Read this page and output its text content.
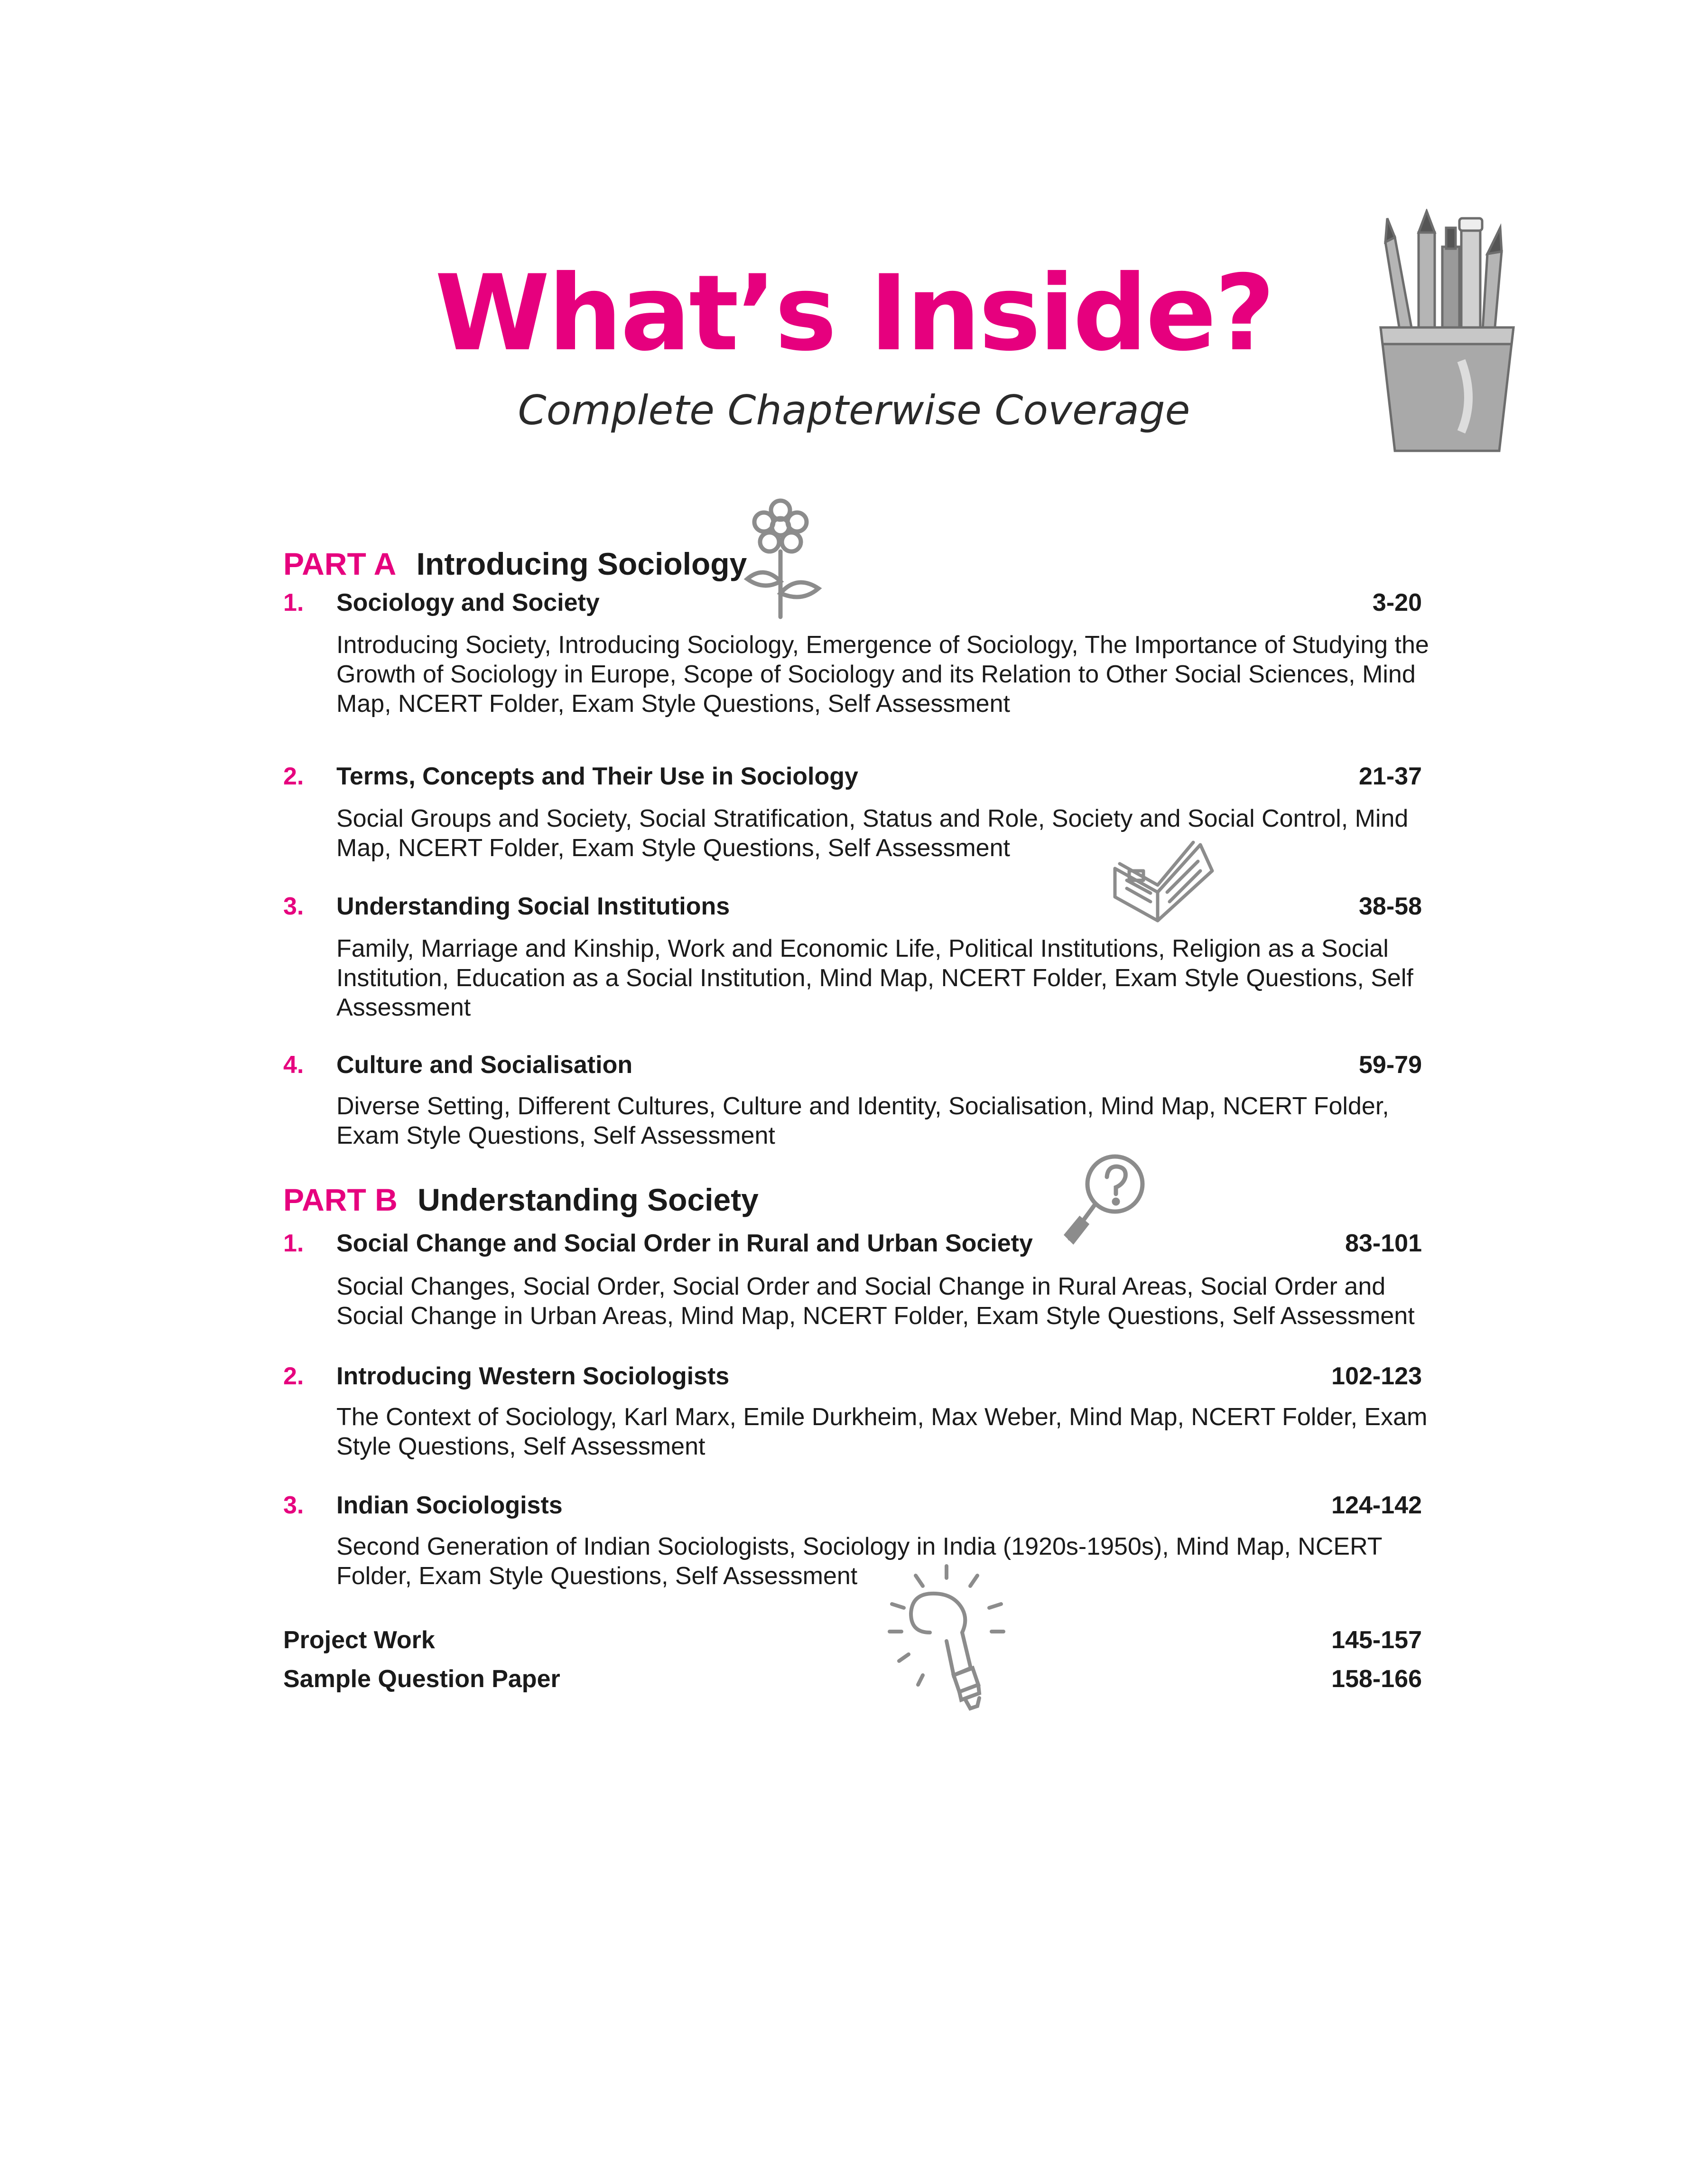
What’s Inside?
Complete Chapterwise Coverage
PART A Introducing Sociology
1. Sociology and Society	3-20
Introducing Society, Introducing Sociology, Emergence of Sociology, The Importance of Studying the Growth of Sociology in Europe, Scope of Sociology and its Relation to Other Social Sciences, Mind Map, NCERT Folder, Exam Style Questions, Self Assessment
2. Terms, Concepts and Their Use in Sociology	21-37
Social Groups and Society, Social Stratification, Status and Role, Society and Social Control, Mind Map, NCERT Folder, Exam Style Questions, Self Assessment
3. Understanding Social Institutions	38-58
Family, Marriage and Kinship, Work and Economic Life, Political Institutions, Religion as a Social Institution, Education as a Social Institution, Mind Map, NCERT Folder, Exam Style Questions, Self Assessment
4. Culture and Socialisation	59-79
Diverse Setting, Different Cultures, Culture and Identity, Socialisation, Mind Map, NCERT Folder, Exam Style Questions, Self Assessment
PART B Understanding Society
1. Social Change and Social Order in Rural and Urban Society	83-101
Social Changes, Social Order, Social Order and Social Change in Rural Areas, Social Order and Social Change in Urban Areas, Mind Map, NCERT Folder, Exam Style Questions, Self Assessment
2. Introducing Western Sociologists	102-123
The Context of Sociology, Karl Marx, Emile Durkheim, Max Weber, Mind Map, NCERT Folder, Exam Style Questions, Self Assessment
3. Indian Sociologists	124-142
Second Generation of Indian Sociologists, Sociology in India (1920s-1950s), Mind Map, NCERT Folder, Exam Style Questions, Self Assessment
Project Work	145-157
Sample Question Paper	158-166
